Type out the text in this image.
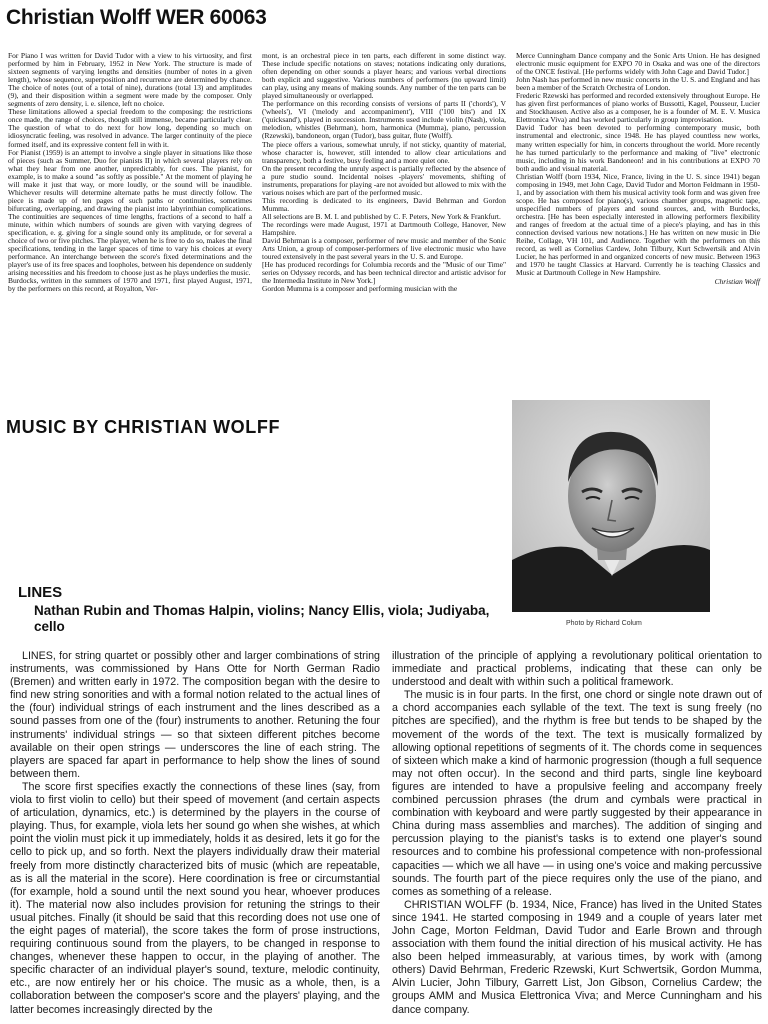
Christian Wolff WER 60063

For Piano I was written for David Tudor with a view to his virtuosity, and first performed by him in February, 1952 in New York. The structure is made of sixteen segments of varying lengths and densities (number of notes in a given length), whose sequence, superposition and recurrence are determined by chance. The choice of notes (out of a total of nine), durations (total 13) and amplitudes (9), and their disposition within a segment were made by the composer. Only segments of zero density, i. e. silence, left no choice.

These limitations allowed a special freedom to the composing: the restrictions once made, the range of choices, though still immense, became particularly clear. The question of what to do next for how long, depending so much on idiosyncratic feeling, was resolved in advance. The larger continuity of the piece formed itself, and its expressive content fell in with it.

For Pianist (1959) is an attempt to involve a single player in situations like those of pieces (such as Summer, Duo for pianists II) in which several players rely on what they hear from one another, unpredictably, for cues. The pianist, for example, is to make a sound "as softly as possible." At the moment of playing he will make it just that way, or more loudly, or the sound will be inaudible. Whichever results will determine alternate paths he must directly follow. The piece is made up of ten pages of such paths or continuities, sometimes bifurcating, overlapping, and drawing the pianist into labyrinthian complications. The continuities are sequences of time lengths, fractions of a second to half a minute, within which numbers of sounds are given with varying degrees of specification, e. g. giving for a single sound only its amplitude, or for several a choice of two or five pitches. The player, when he is free to do so, makes the final specifications, tending in the larger spaces of time to vary his choices at every performance. An interchange between the score's fixed determinations and the player's use of its free spaces and loopholes, between his dependence on suddenly arising necessities and his freedom to choose just as he plays underlies the music.

Burdocks, written in the summers of 1970 and 1971, first played August, 1971, by the performers on this record, at Royalton, Ver-

mont, is an orchestral piece in ten parts, each different in some distinct way. These include specific notations on staves; notations indicating only durations, often depending on other sounds a player hears; and various verbal directions both explicit and suggestive. Various numbers of performers (no upward limit) can play, using any means of making sounds. Any number of the ten parts can be played simultaneously or overlapped.

The performance on this recording consists of versions of parts II ('chords'), V ('wheels'), VI ('melody and accompaniment'), VIII ('100 bits') and IX ('quicksand'), played in succession. Instruments used include violin (Nash), viola, melodion, whistles (Behrman), horn, harmonica (Mumma), piano, percussion (Rzewski), bandoneon, organ (Tudor), bass guitar, flute (Wolff).

The piece offers a various, somewhat unruly, if not sticky, quantity of material, whose character is, however, still intended to allow clear articulations and transparency, both a festive, busy feeling and a more quiet one.

On the present recording the unruly aspect is partially reflected by the absence of a pure studio sound. Incidental noises -players' movements, shifting of instruments, preparations for playing -are not avoided but allowed to mix with the various noises which are part of the performed music.

This recording is dedicated to its engineers, David Behrman and Gordon Mumma.

All selections are B. M. I. and published by C. F. Peters, New York & Frankfurt.

The recordings were made August, 1971 at Dartmouth College, Hanover, New Hampshire.

David Behrman is a composer, performer of new music and member of the Sonic Arts Union, a group of composer-performers of live electronic music who have toured extensively in the past several years in the U. S. and Europe.

[He has produced recordings for Columbia records and the "Music of our Time" series on Odyssey records, and has been technical director and artistic advisor for the Intermedia Institute in New York.]

Gordon Mumma is a composer and performing musician with the

Merce Cunningham Dance company and the Sonic Arts Union. He has designed electronic music equipment for EXPO 70 in Osaka and was one of the directors of the ONCE festival. [He performs widely with John Cage and David Tudor.]

John Nash has performed in new music concerts in the U. S. and England and has been a member of the Scratch Orchestra of London.

Frederic Rzewski has performed and recorded extensively throughout Europe. He has given first performances of piano works of Bussotti, Kagel, Pousseur, Lucier and Stockhausen. Active also as a composer, he is a founder of M. E. V. Musica Elettronica Viva) and has worked particularly in group improvisation.

David Tudor has been devoted to performing contemporary music, both instrumental and electronic, since 1948. He has played countless new works, many written especially for him, in concerts throughout the world. More recently he has turned particularly to the performance and making of "live" electronic music, including in his work Bandoneon! and in his contributions at EXPO 70 both audio and visual material.

Christian Wolff (born 1934, Nice, France, living in the U. S. since 1941) began composing in 1949, met John Cage, David Tudor and Morton Feldmann in 1950-1, and by association with them his musical activity took form and was given free scope. He has composed for piano(s), various chamber groups, magnetic tape, unspecified numbers of players and sound sources, and, with Burdocks, orchestra. [He has been especially interested in allowing performers flexibility and ranges of freedom at the actual time of a piece's playing, and has in this connection devised various new notations.] He has written on new music in Die Reihe, Collage, VH 101, and Audience. Together with the performers on this record, as well as Cornelius Cardew, John Tilbury, Kurt Schwertsik and Alvin Lucier, he has performed in and organized concerts of new music. Between 1963 and 1970 he taught Classics at Harvard. Currently he is teaching Classics and Music at Dartmouth College in New Hampshire.

Christian Wolff
MUSIC BY CHRISTIAN WOLFF
Photo by Richard Colum
LINES
Nathan Rubin and Thomas Halpin, violins; Nancy Ellis, viola; Judiyaba, cello

LINES, for string quartet or possibly other and larger combinations of string instruments, was commissioned by Hans Otte for North German Radio (Bremen) and written early in 1972. The composition began with the desire to find new string sonorities and with a formal notion related to the actual lines of the (four) individual strings of each instrument and the lines described as a sound passes from one of the (four) instruments to another. Retuning the four instruments' individual strings — so that sixteen different pitches become available on their open strings — underscores the line of each string. The players are spaced far apart in performance to help show the lines of sound between them.

The score first specifies exactly the connections of these lines (say, from viola to first violin to cello) but their speed of movement (and certain aspects of articulation, dynamics, etc.) is determined by the players in the course of playing. Thus, for example, viola lets her sound go when she wishes, at which point the violin must pick it up immediately, holds it as desired, lets it go for the cello to pick up, and so forth. Next the players individually draw their material freely from more distinctly characterized bits of music (which are repeatable, as is all the material in the score). Here coordination is free or circumstantial (for example, hold a sound until the next sound you hear, whoever produces it). The material now also includes provision for retuning the strings to their usual pitches. Finally (it should be said that this recording does not use one of the eight pages of material), the score takes the form of prose instructions, requiring continuous sound from the players, to be changed in response to changes, whenever these happen to occur, in the playing of another. The specific character of an individual player's sound, texture, melodic continuity, etc., are now entirely her or his choice. The music as a whole, then, is a collaboration between the composer's score and the players' playing, and the latter becomes increasingly directed by the

illustration of the principle of applying a revolutionary political orientation to immediate and practical problems, indicating that these can only be understood and dealt with within such a political framework.

The music is in four parts. In the first, one chord or single note drawn out of a chord accompanies each syllable of the text. The text is sung freely (no pitches are specified), and the rhythm is free but tends to be shaped by the movement of the words of the text. The text is musically formalized by allowing optional repetitions of segments of it. The chords come in sequences of sixteen which make a kind of harmonic progression (though a full sequence may not often occur). In the second and third parts, single line keyboard figures are intended to have a propulsive feeling and accompany freely combined percussion phrases (the drum and cymbals were practical in combination with keyboard and were partly suggested by their appearance in China during mass assemblies and marches). The addition of singing and percussion playing to the pianist's tasks is to extend one player's sound resources and to combine his professional competence with non-professional capacities — which we all have — in using one's voice and making percussive sounds. The fourth part of the piece requires only the use of the piano, and comes as something of a release.

CHRISTIAN WOLFF (b. 1934, Nice, France) has lived in the United States since 1941. He started composing in 1949 and a couple of years later met John Cage, Morton Feldman, David Tudor and Earle Brown and through association with them found the initial direction of his musical activity. He has also been helped immeasurably, at various times, by work with (among others) David Behrman, Frederic Rzewski, Kurt Schwertsik, Gordon Mumma, Alvin Lucier, John Tilbury, Garrett List, Jon Gibson, Cornelius Cardew; the groups AMM and Musica Elettronica Viva; and Merce Cunningham and his dance company.
